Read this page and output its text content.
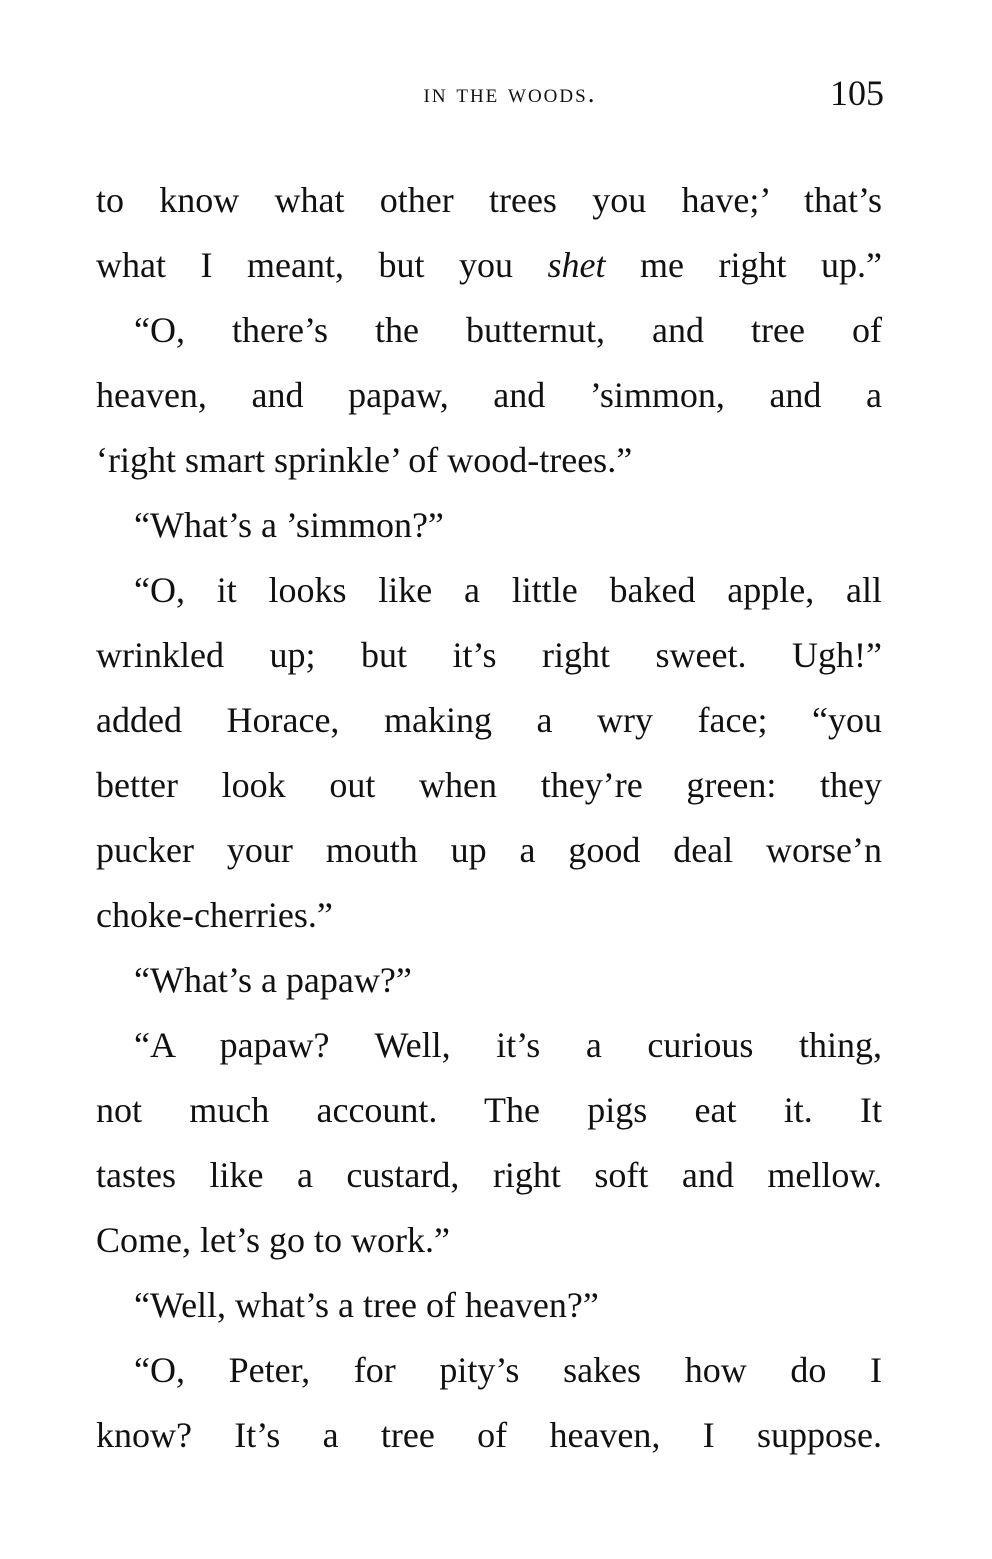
in the woods.	105
to know what other trees you have;’ that’s
what I meant, but you shet me right up.”
“O, there’s the butternut, and tree of
heaven, and papaw, and ’simmon, and a
‘right smart sprinkle’ of wood-trees.”
“What’s a ’simmon?”
“O, it looks like a little baked apple, all
wrinkled up; but it’s right sweet. Ugh!”
added Horace, making a wry face; “you
better look out when they’re green: they
pucker your mouth up a good deal worse’n
choke-cherries.”
“What’s a papaw?”
“A papaw? Well, it’s a curious thing,
not much account. The pigs eat it. It
tastes like a custard, right soft and mellow.
Come, let’s go to work.”
“Well, what’s a tree of heaven?”
“O, Peter, for pity’s sakes how do I
know? It’s a tree of heaven, I suppose.
